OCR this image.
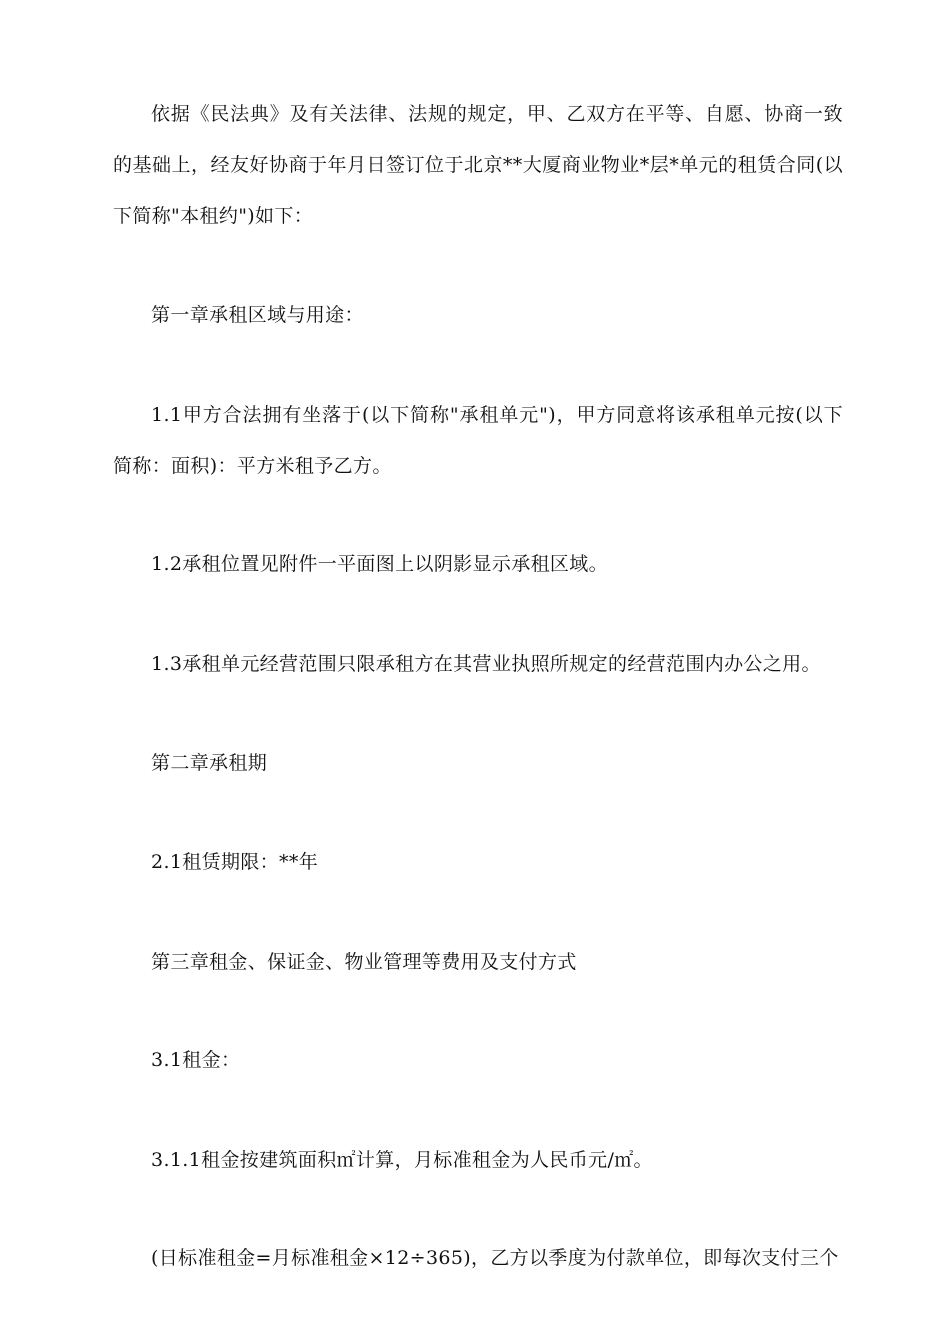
依据《民法典》及有关法律、法规的规定，甲、乙双方在平等、自愿、协商一致
的基础上，经友好协商于年月日签订位于北京**大厦商业物业*层*单元的租赁合同(以
下简称"本租约")如下：
第一章承租区域与用途：
1.1甲方合法拥有坐落于(以下简称"承租单元")，甲方同意将该承租单元按(以下
简称：面积)：平方米租予乙方。
1.2承租位置见附件一平面图上以阴影显示承租区域。
1.3承租单元经营范围只限承租方在其营业执照所规定的经营范围内办公之用。
第二章承租期
2.1租赁期限：**年
第三章租金、保证金、物业管理等费用及支付方式
3.1租金：
3.1.1租金按建筑面积㎡计算，月标准租金为人民币元/㎡。
(日标准租金=月标准租金×12÷365)，乙方以季度为付款单位，即每次支付三个
